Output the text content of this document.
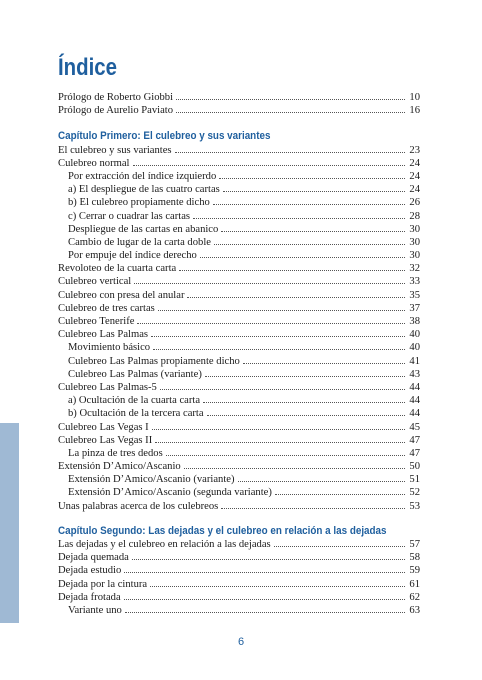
Índice
Prólogo de Roberto Giobbi	10
Prólogo de Aurelio Paviato	16
Capítulo Primero: El culebreo y sus variantes
El culebreo y sus variantes	23
Culebreo normal	24
Por extracción del índice izquierdo	24
a) El despliegue de las cuatro cartas	24
b) El culebreo propiamente dicho	26
c) Cerrar o cuadrar las cartas	28
Despliegue de las cartas en abanico	30
Cambio de lugar de la carta doble	30
Por empuje del índice derecho	30
Revoloteo de la cuarta carta	32
Culebreo vertical	33
Culebreo con presa del anular	35
Culebreo de tres cartas	37
Culebreo Tenerife	38
Culebreo Las Palmas	40
Movimiento básico	40
Culebreo Las Palmas propiamente dicho	41
Culebreo Las Palmas (variante)	43
Culebreo Las Palmas-5	44
a) Ocultación de la cuarta carta	44
b) Ocultación de la tercera carta	44
Culebreo Las Vegas I	45
Culebreo Las Vegas II	47
La pinza de tres dedos	47
Extensión D’Amico/Ascanio	50
Extensión D’Amico/Ascanio (variante)	51
Extensión D’Amico/Ascanio (segunda variante)	52
Unas palabras acerca de los culebreos	53
Capítulo Segundo: Las dejadas y el culebreo en relación a las dejadas
Las dejadas y el culebreo en relación a las dejadas	57
Dejada quemada	58
Dejada estudio	59
Dejada por la cintura	61
Dejada frotada	62
Variante uno	63
6
